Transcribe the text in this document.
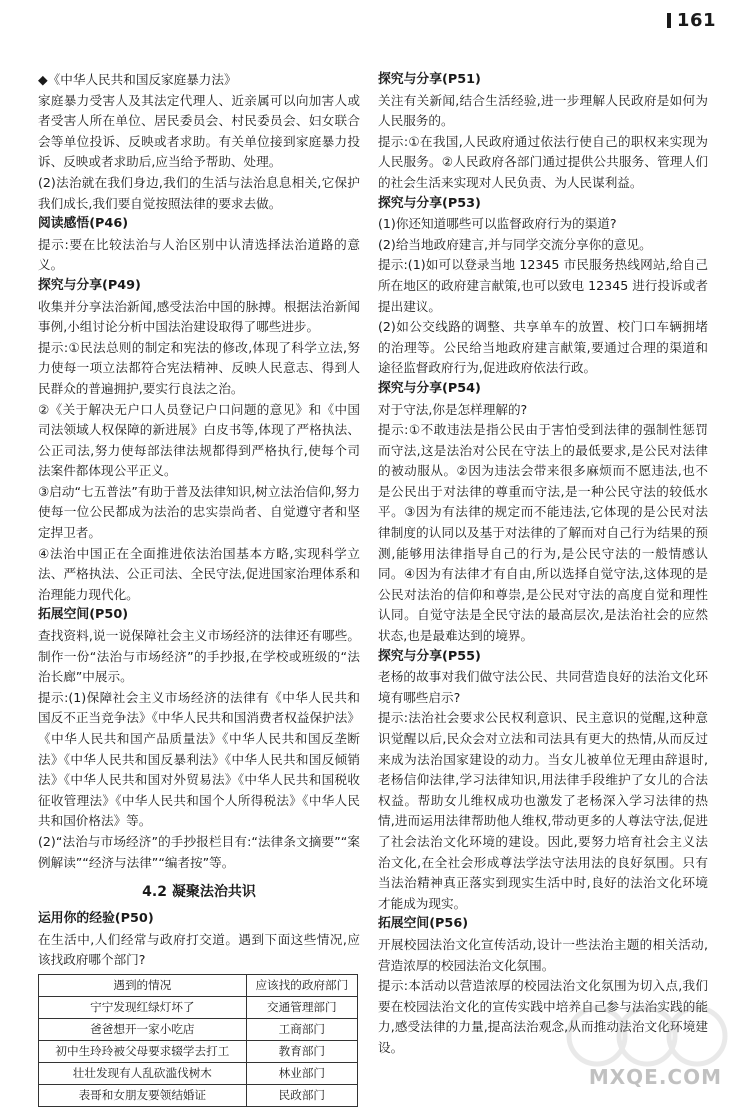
161

◆《中华人民共和国反家庭暴力法》

家庭暴力受害人及其法定代理人、近亲属可以向加害人或者受害人所在单位、居民委员会、村民委员会、妇女联合会等单位投诉、反映或者求助。有关单位接到家庭暴力投诉、反映或者求助后,应当给予帮助、处理。

(2)法治就在我们身边,我们的生活与法治息息相关,它保护我们成长,我们要自觉按照法律的要求去做。

阅读感悟(P46)

提示:要在比较法治与人治区别中认清选择法治道路的意义。

探究与分享(P49)

收集并分享法治新闻,感受法治中国的脉搏。根据法治新闻事例,小组讨论分析中国法治建设取得了哪些进步。

提示:①民法总则的制定和宪法的修改,体现了科学立法,努力使每一项立法都符合宪法精神、反映人民意志、得到人民群众的普遍拥护,要实行良法之治。

②《关于解决无户口人员登记户口问题的意见》和《中国司法领域人权保障的新进展》白皮书等,体现了严格执法、公正司法,努力使每部法律法规都得到严格执行,使每个司法案件都体现公平正义。

③启动“七五普法”有助于普及法律知识,树立法治信仰,努力使每一位公民都成为法治的忠实崇尚者、自觉遵守者和坚定捍卫者。

④法治中国正在全面推进依法治国基本方略,实现科学立法、严格执法、公正司法、全民守法,促进国家治理体系和治理能力现代化。

拓展空间(P50)

查找资料,说一说保障社会主义市场经济的法律还有哪些。制作一份“法治与市场经济”的手抄报,在学校或班级的“法治长廊”中展示。

提示:(1)保障社会主义市场经济的法律有《中华人民共和国反不正当竞争法》《中华人民共和国消费者权益保护法》《中华人民共和国产品质量法》《中华人民共和国反垄断法》《中华人民共和国反暴利法》《中华人民共和国反倾销法》《中华人民共和国对外贸易法》《中华人民共和国税收征收管理法》《中华人民共和国个人所得税法》《中华人民共和国价格法》等。

(2)“法治与市场经济”的手抄报栏目有:“法律条文摘要”“案例解读”“经济与法律”“编者按”等。

4.2 凝聚法治共识

运用你的经验(P50)

在生活中,人们经常与政府打交道。遇到下面这些情况,应该找政府哪个部门?

遇到的情况	应该找的政府部门
宁宁发现红绿灯坏了	交通管理部门
爸爸想开一家小吃店	工商部门
初中生玲玲被父母要求辍学去打工	教育部门
壮壮发现有人乱砍滥伐树木	林业部门
表哥和女朋友要领结婚证	民政部门

探究与分享(P51)

关注有关新闻,结合生活经验,进一步理解人民政府是如何为人民服务的。

提示:①在我国,人民政府通过依法行使自己的职权来实现为人民服务。②人民政府各部门通过提供公共服务、管理人们的社会生活来实现对人民负责、为人民谋利益。

探究与分享(P53)

(1)你还知道哪些可以监督政府行为的渠道?

(2)给当地政府建言,并与同学交流分享你的意见。

提示:(1)如可以登录当地 12345 市民服务热线网站,给自己所在地区的政府建言献策,也可以致电 12345 进行投诉或者提出建议。

(2)如公交线路的调整、共享单车的放置、校门口车辆拥堵的治理等。公民给当地政府建言献策,要通过合理的渠道和途径监督政府行为,促进政府依法行政。

探究与分享(P54)

对于守法,你是怎样理解的?

提示:①不敢违法是指公民由于害怕受到法律的强制性惩罚而守法,这是法治对公民在守法上的最低要求,是公民对法律的被动服从。②因为违法会带来很多麻烦而不愿违法,也不是公民出于对法律的尊重而守法,是一种公民守法的较低水平。③因为有法律的规定而不能违法,它体现的是公民对法律制度的认同以及基于对法律的了解而对自己行为结果的预测,能够用法律指导自己的行为,是公民守法的一般情感认同。④因为有法律才有自由,所以选择自觉守法,这体现的是公民对法治的信仰和尊崇,是公民对守法的高度自觉和理性认同。自觉守法是全民守法的最高层次,是法治社会的应然状态,也是最难达到的境界。

探究与分享(P55)

老杨的故事对我们做守法公民、共同营造良好的法治文化环境有哪些启示?

提示:法治社会要求公民权利意识、民主意识的觉醒,这种意识觉醒以后,民众会对立法和司法具有更大的热情,从而反过来成为法治国家建设的动力。当女儿被单位无理由辞退时,老杨信仰法律,学习法律知识,用法律手段维护了女儿的合法权益。帮助女儿维权成功也激发了老杨深入学习法律的热情,进而运用法律帮助他人维权,带动更多的人尊法守法,促进了社会法治文化环境的建设。因此,要努力培育社会主义法治文化,在全社会形成尊法学法守法用法的良好氛围。只有当法治精神真正落实到现实生活中时,良好的法治文化环境才能成为现实。

拓展空间(P56)

开展校园法治文化宣传活动,设计一些法治主题的相关活动,营造浓厚的校园法治文化氛围。

提示:本活动以营造浓厚的校园法治文化氛围为切入点,我们要在校园法治文化的宣传实践中培养自己参与法治实践的能力,感受法律的力量,提高法治观念,从而推动法治文化环境建设。

MXQE.COM
